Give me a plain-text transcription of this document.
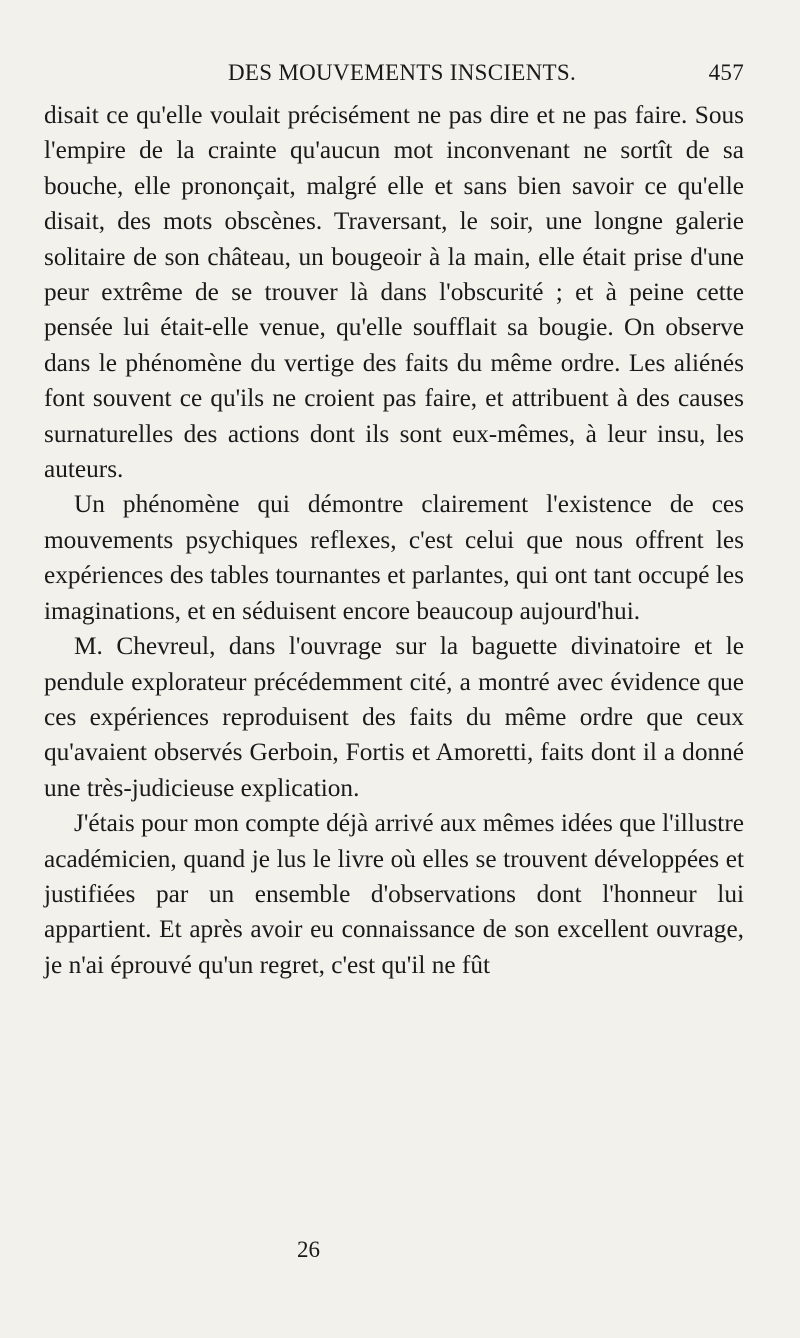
DES MOUVEMENTS INSCIENTS.	457

disait ce qu'elle voulait précisément ne pas dire et ne pas faire. Sous l'empire de la crainte qu'aucun mot inconvenant ne sortît de sa bouche, elle prononçait, malgré elle et sans bien savoir ce qu'elle disait, des mots obscènes. Traversant, le soir, une longne galerie solitaire de son château, un bougeoir à la main, elle était prise d'une peur extrême de se trouver là dans l'obscurité ; et à peine cette pensée lui était-elle venue, qu'elle soufflait sa bougie. On observe dans le phénomène du vertige des faits du même ordre. Les aliénés font souvent ce qu'ils ne croient pas faire, et attribuent à des causes surnaturelles des actions dont ils sont eux-mêmes, à leur insu, les auteurs.

Un phénomène qui démontre clairement l'existence de ces mouvements psychiques reflexes, c'est celui que nous offrent les expériences des tables tournantes et parlantes, qui ont tant occupé les imaginations, et en séduisent encore beaucoup aujourd'hui.

M. Chevreul, dans l'ouvrage sur la baguette divinatoire et le pendule explorateur précédemment cité, a montré avec évidence que ces expériences reproduisent des faits du même ordre que ceux qu'avaient observés Gerboin, Fortis et Amoretti, faits dont il a donné une très-judicieuse explication.

J'étais pour mon compte déjà arrivé aux mêmes idées que l'illustre académicien, quand je lus le livre où elles se trouvent développées et justifiées par un ensemble d'observations dont l'honneur lui appartient. Et après avoir eu connaissance de son excellent ouvrage, je n'ai éprouvé qu'un regret, c'est qu'il ne fût

26
